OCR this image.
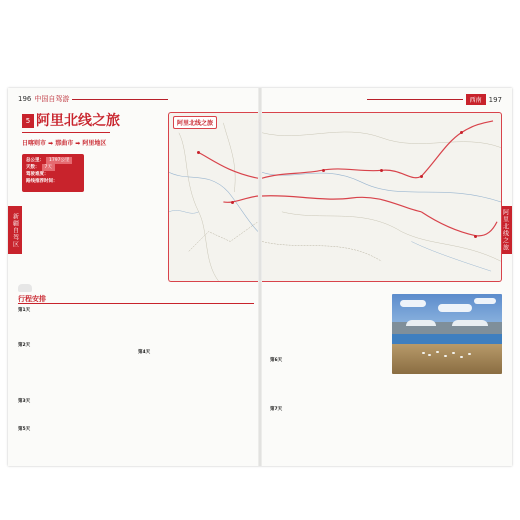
196 中国自驾游
新疆自驾区
5 阿里北线之旅
日喀则市 ➡ 那曲市 ➡ 阿里地区
总公里： 1797公里
天数： 7天
驾驶难度：
路线推荐时间：
阿里北线之旅
行程安排
第1天
第2天
第3天
第5天
第4天
西南	197
阿里北线之旅
第6天
第7天
